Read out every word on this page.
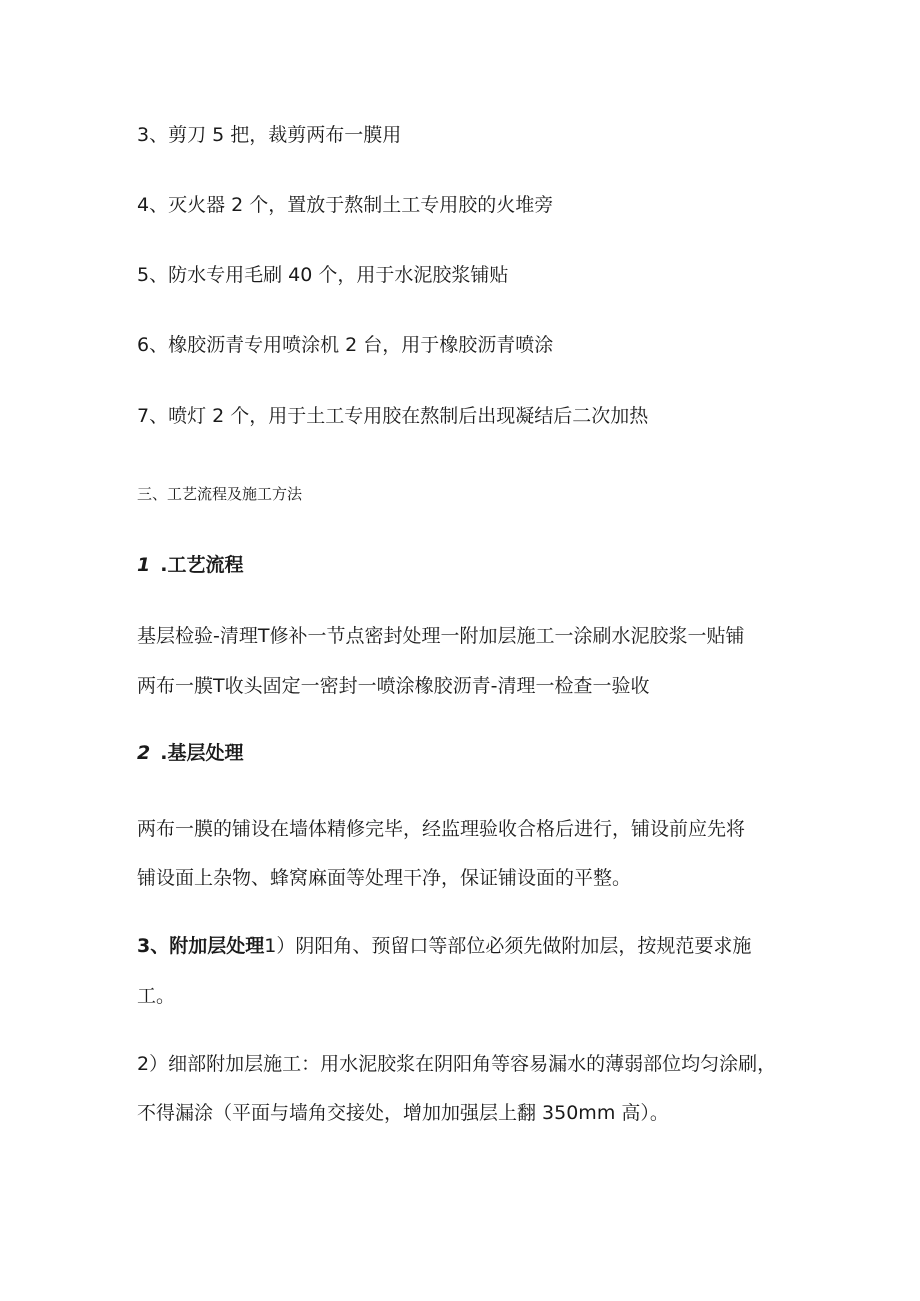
3、剪刀 5 把，裁剪两布一膜用
4、灭火器 2 个，置放于熬制土工专用胶的火堆旁
5、防水专用毛刷 40 个，用于水泥胶浆铺贴
6、橡胶沥青专用喷涂机 2 台，用于橡胶沥青喷涂
7、喷灯 2 个，用于土工专用胶在熬制后出现凝结后二次加热
三、工艺流程及施工方法
1 .工艺流程
基层检验-清理T修补一节点密封处理一附加层施工一涂刷水泥胶浆一贴铺
两布一膜T收头固定一密封一喷涂橡胶沥青-清理一检查一验收
2 .基层处理
两布一膜的铺设在墙体精修完毕，经监理验收合格后进行，铺设前应先将
铺设面上杂物、蜂窝麻面等处理干净，保证铺设面的平整。
3、附加层处理1）阴阳角、预留口等部位必须先做附加层，按规范要求施
工。
2）细部附加层施工：用水泥胶浆在阴阳角等容易漏水的薄弱部位均匀涂刷，
不得漏涂（平面与墙角交接处，增加加强层上翻 350mm 高）。
